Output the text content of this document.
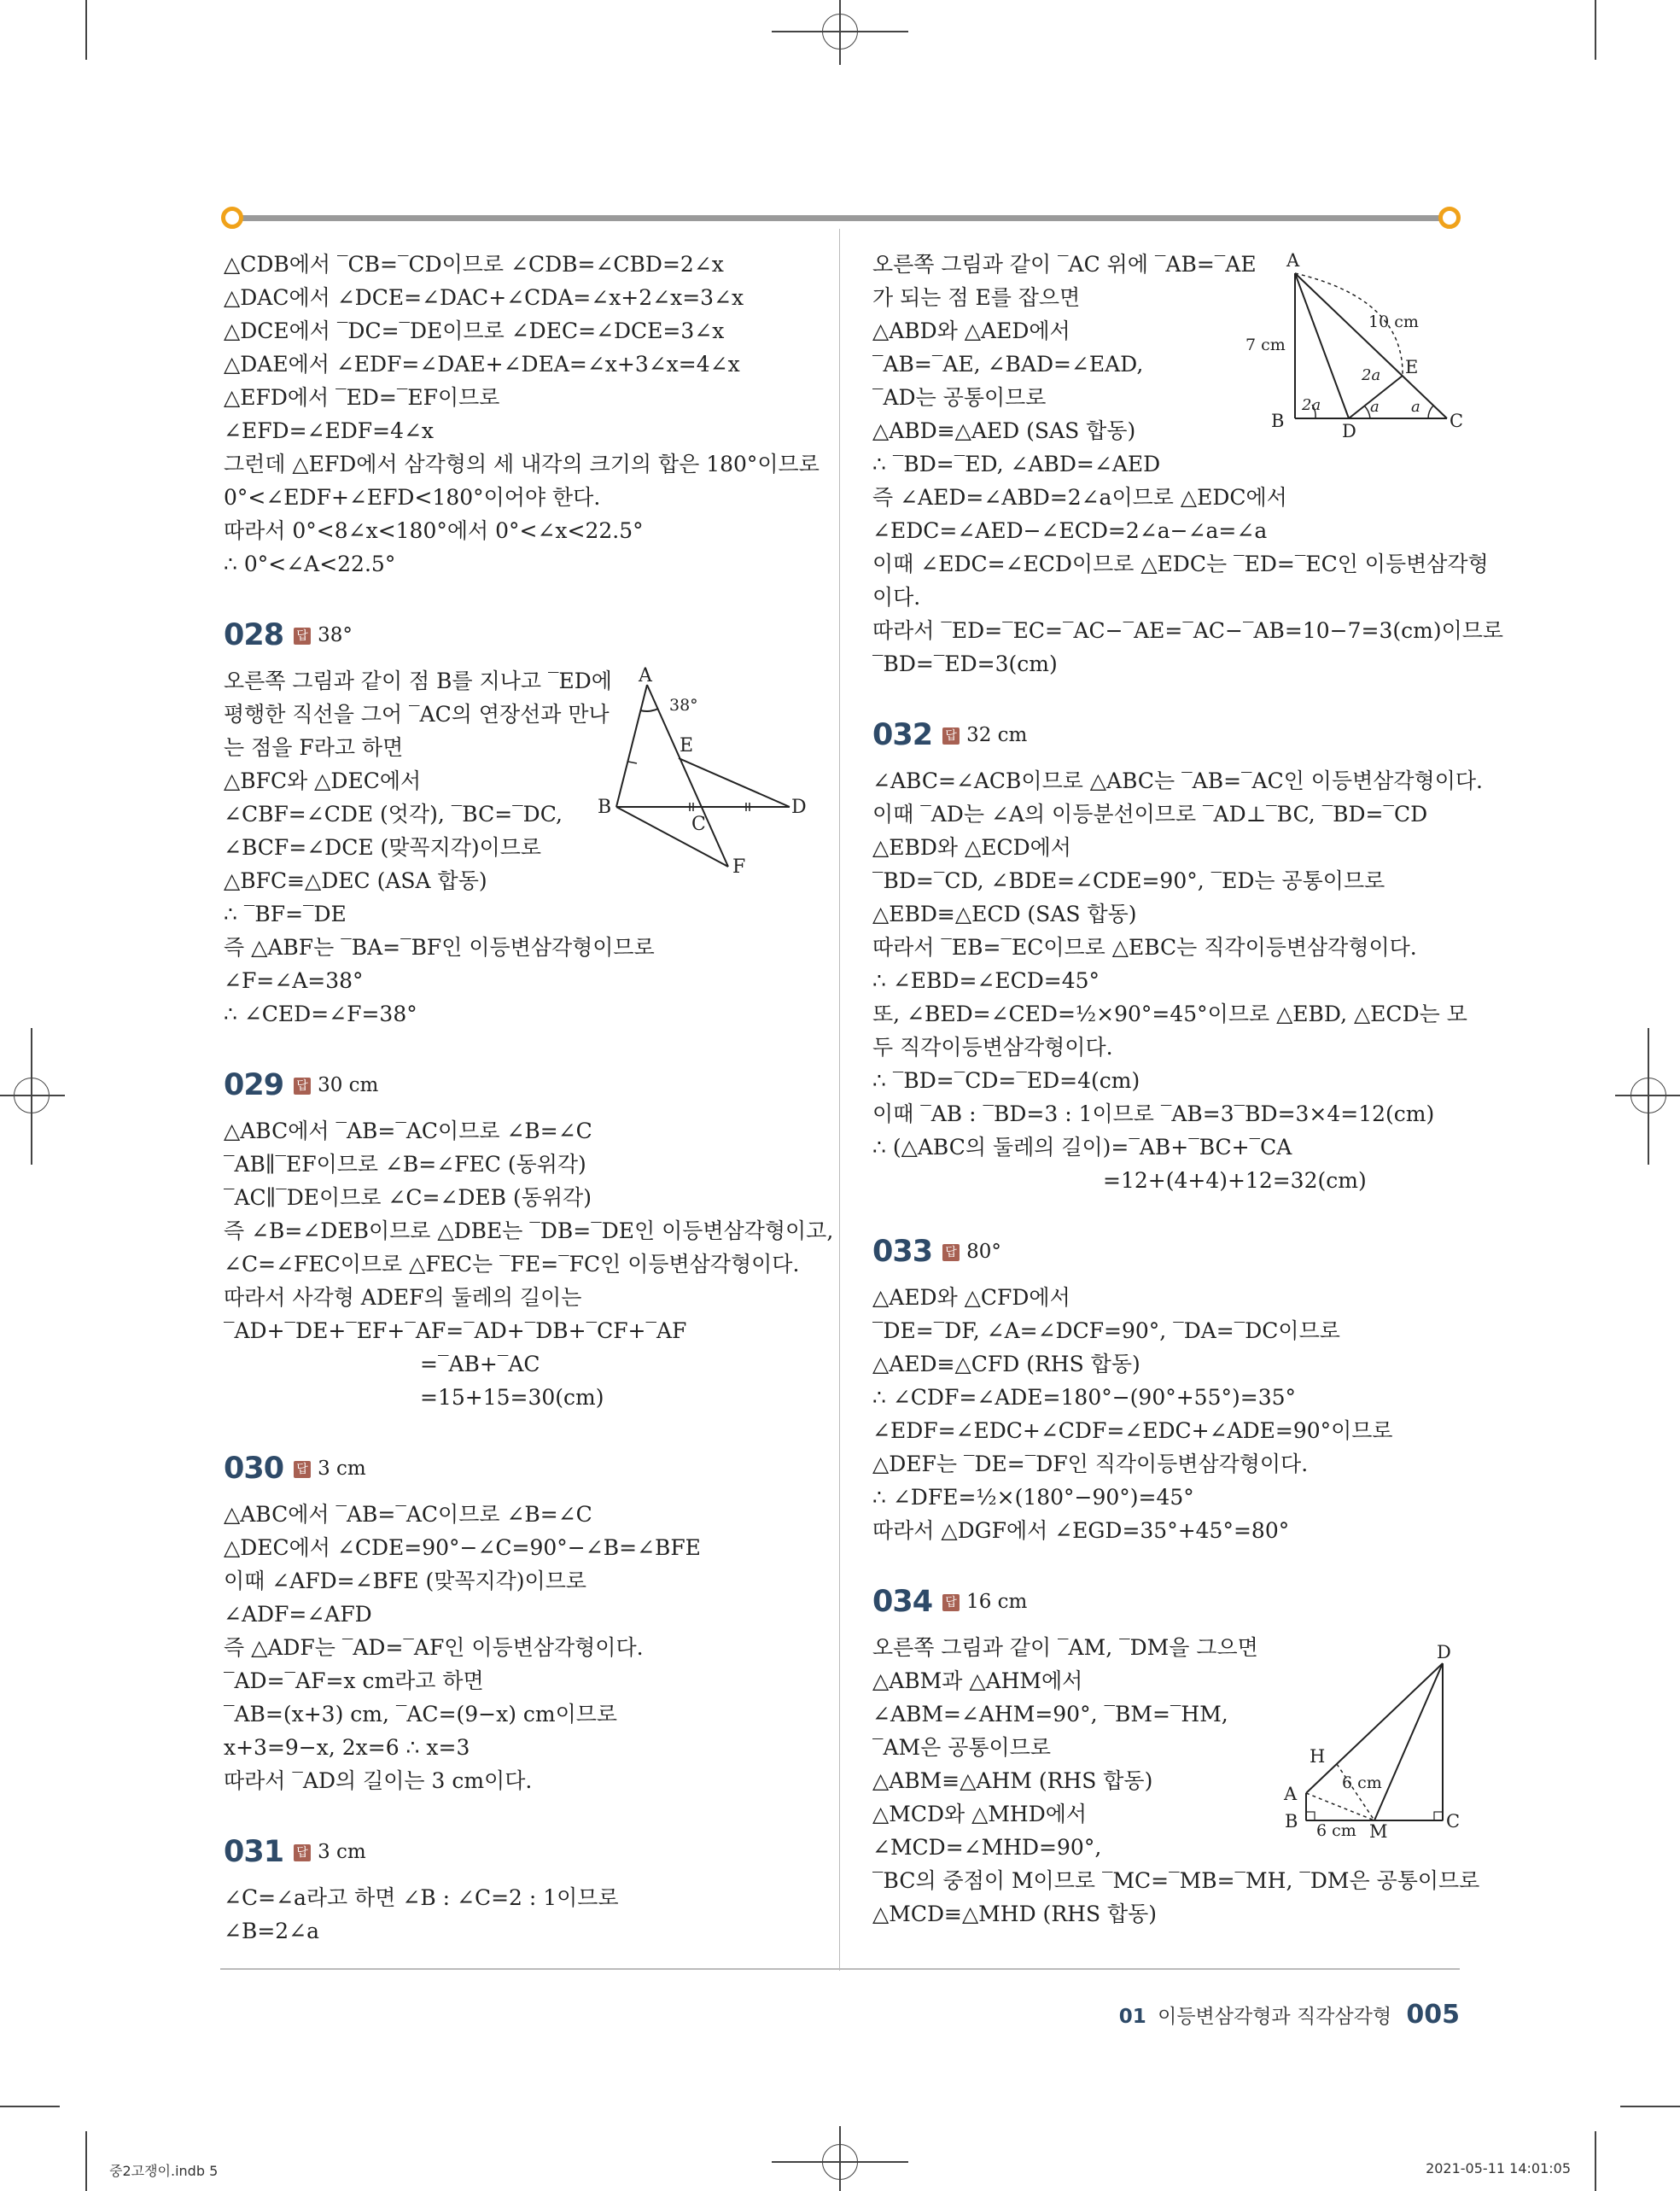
△CDB에서 ‾CB=‾CD이므로 ∠CDB=∠CBD=2∠x

△DAC에서 ∠DCE=∠DAC+∠CDA=∠x+2∠x=3∠x

△DCE에서 ‾DC=‾DE이므로 ∠DEC=∠DCE=3∠x

△DAE에서 ∠EDF=∠DAE+∠DEA=∠x+3∠x=4∠x

△EFD에서 ‾ED=‾EF이므로

∠EFD=∠EDF=4∠x

그런데 △EFD에서 삼각형의 세 내각의 크기의 합은 180°이므로

0°<∠EDF+∠EFD<180°이어야 한다.

따라서 0°<8∠x<180°에서 0°<∠x<22.5°

∴ 0°<∠A<22.5°

028 답 38°

오른쪽 그림과 같이 점 B를 지나고 ‾ED에

평행한 직선을 그어 ‾AC의 연장선과 만나

는 점을 F라고 하면

△BFC와 △DEC에서

∠CBF=∠CDE (엇각), ‾BC=‾DC,

∠BCF=∠DCE (맞꼭지각)이므로

△BFC≡△DEC (ASA 합동)

∴ ‾BF=‾DE

즉 △ABF는 ‾BA=‾BF인 이등변삼각형이므로

∠F=∠A=38°

∴ ∠CED=∠F=38°

029 답 30 cm

△ABC에서 ‾AB=‾AC이므로 ∠B=∠C

‾AB∥‾EF이므로 ∠B=∠FEC (동위각)

‾AC∥‾DE이므로 ∠C=∠DEB (동위각)

즉 ∠B=∠DEB이므로 △DBE는 ‾DB=‾DE인 이등변삼각형이고,

∠C=∠FEC이므로 △FEC는 ‾FE=‾FC인 이등변삼각형이다.

따라서 사각형 ADEF의 둘레의 길이는

‾AD+‾DE+‾EF+‾AF=‾AD+‾DB+‾CF+‾AF

=‾AB+‾AC

=15+15=30(cm)

030 답 3 cm

△ABC에서 ‾AB=‾AC이므로 ∠B=∠C

△DEC에서 ∠CDE=90°−∠C=90°−∠B=∠BFE

이때 ∠AFD=∠BFE (맞꼭지각)이므로

∠ADF=∠AFD

즉 △ADF는 ‾AD=‾AF인 이등변삼각형이다.

‾AD=‾AF=x cm라고 하면

‾AB=(x+3) cm, ‾AC=(9−x) cm이므로

x+3=9−x, 2x=6 ∴ x=3

따라서 ‾AD의 길이는 3 cm이다.

031 답 3 cm

∠C=∠a라고 하면 ∠B : ∠C=2 : 1이므로

∠B=2∠a

A
38°
E
B
C
D
F

오른쪽 그림과 같이 ‾AC 위에 ‾AB=‾AE

가 되는 점 E를 잡으면

△ABD와 △AED에서

‾AB=‾AE, ∠BAD=∠EAD,

‾AD는 공통이므로

△ABD≡△AED (SAS 합동)

∴ ‾BD=‾ED, ∠ABD=∠AED

즉 ∠AED=∠ABD=2∠a이므로 △EDC에서

∠EDC=∠AED−∠ECD=2∠a−∠a=∠a

이때 ∠EDC=∠ECD이므로 △EDC는 ‾ED=‾EC인 이등변삼각형

이다.

따라서 ‾ED=‾EC=‾AC−‾AE=‾AC−‾AB=10−7=3(cm)이므로

‾BD=‾ED=3(cm)

032 답 32 cm

∠ABC=∠ACB이므로 △ABC는 ‾AB=‾AC인 이등변삼각형이다.

이때 ‾AD는 ∠A의 이등분선이므로 ‾AD⊥‾BC, ‾BD=‾CD

△EBD와 △ECD에서

‾BD=‾CD, ∠BDE=∠CDE=90°, ‾ED는 공통이므로

△EBD≡△ECD (SAS 합동)

따라서 ‾EB=‾EC이므로 △EBC는 직각이등변삼각형이다.

∴ ∠EBD=∠ECD=45°

또, ∠BED=∠CED=½×90°=45°이므로 △EBD, △ECD는 모

두 직각이등변삼각형이다.

∴ ‾BD=‾CD=‾ED=4(cm)

이때 ‾AB : ‾BD=3 : 1이므로 ‾AB=3‾BD=3×4=12(cm)

∴ (△ABC의 둘레의 길이)=‾AB+‾BC+‾CA

=12+(4+4)+12=32(cm)

033 답 80°

△AED와 △CFD에서

‾DE=‾DF, ∠A=∠DCF=90°, ‾DA=‾DC이므로

△AED≡△CFD (RHS 합동)

∴ ∠CDF=∠ADE=180°−(90°+55°)=35°

∠EDF=∠EDC+∠CDF=∠EDC+∠ADE=90°이므로

△DEF는 ‾DE=‾DF인 직각이등변삼각형이다.

∴ ∠DFE=½×(180°−90°)=45°

따라서 △DGF에서 ∠EGD=35°+45°=80°

034 답 16 cm

오른쪽 그림과 같이 ‾AM, ‾DM을 그으면

△ABM과 △AHM에서

∠ABM=∠AHM=90°, ‾BM=‾HM,

‾AM은 공통이므로

△ABM≡△AHM (RHS 합동)

△MCD와 △MHD에서

∠MCD=∠MHD=90°,

‾BC의 중점이 M이므로 ‾MC=‾MB=‾MH, ‾DM은 공통이므로

△MCD≡△MHD (RHS 합동)

A
7 cm
10 cm
2a E
2a	a a
B	D	C
D
H
6 cm
A
B 6 cm M	C
01 이등변삼각형과 직각삼각형 005
중2고쟁이.indb 5	2021-05-11 14:01:05
